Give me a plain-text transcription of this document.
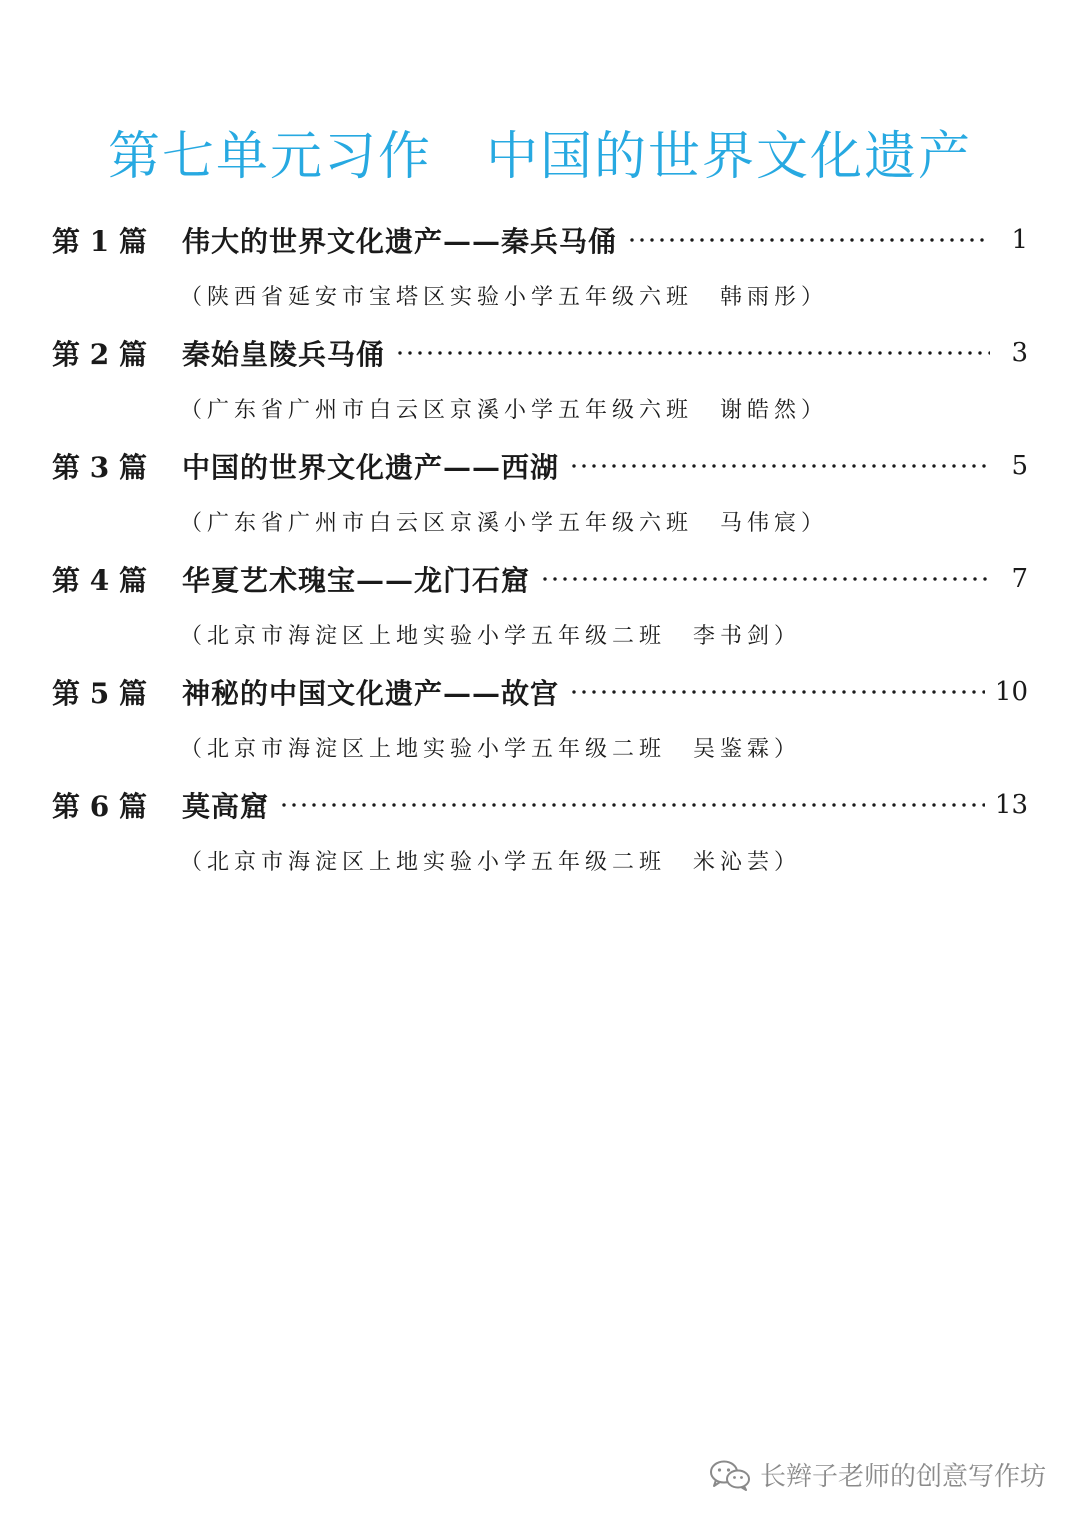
第七单元习作　中国的世界文化遗产
第 1 篇	伟大的世界文化遗产——秦兵马俑	1
（陕西省延安市宝塔区实验小学五年级六班　韩雨彤）
第 2 篇	秦始皇陵兵马俑	3
（广东省广州市白云区京溪小学五年级六班　谢皓然）
第 3 篇	中国的世界文化遗产——西湖	5
（广东省广州市白云区京溪小学五年级六班　马伟宸）
第 4 篇	华夏艺术瑰宝——龙门石窟	7
（北京市海淀区上地实验小学五年级二班　李书剑）
第 5 篇	神秘的中国文化遗产——故宫	10
（北京市海淀区上地实验小学五年级二班　吴鉴霖）
第 6 篇	莫高窟	13
（北京市海淀区上地实验小学五年级二班　米沁芸）
长辫子老师的创意写作坊
